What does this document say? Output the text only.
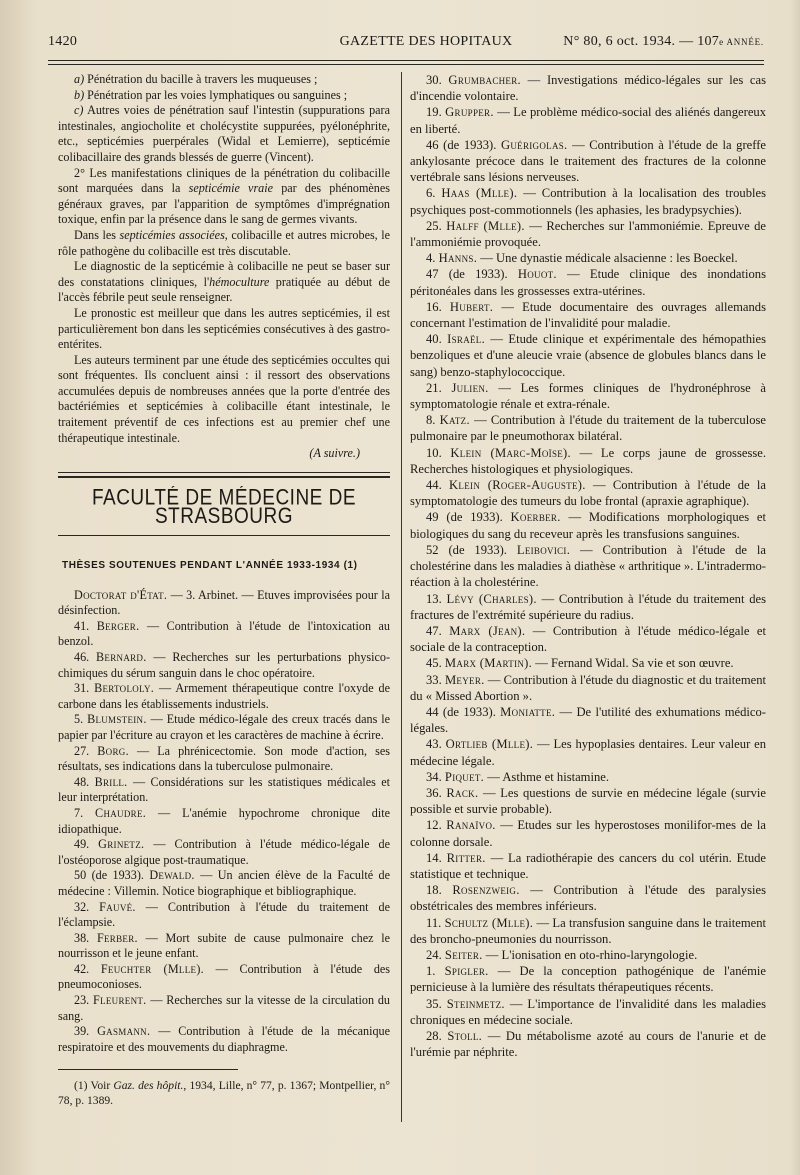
1420	GAZETTE DES HOPITAUX	N° 80, 6 oct. 1934. — 107e ANNÉE.

a) Pénétration du bacille à travers les muqueuses ;

b) Pénétration par les voies lymphatiques ou sanguines ;

c) Autres voies de pénétration sauf l'intestin (suppurations para intestinales, angiocholite et cholécystite suppurées, pyélonéphrite, etc., septicémies puerpérales (Widal et Lemierre), septicémie colibacillaire des grands blessés de guerre (Vincent).

2° Les manifestations cliniques de la pénétration du colibacille sont marquées dans la septicémie vraie par des phénomènes généraux graves, par l'apparition de symptômes d'imprégnation toxique, enfin par la présence dans le sang de germes vivants.

Dans les septicémies associées, colibacille et autres microbes, le rôle pathogène du colibacille est très discutable.

Le diagnostic de la septicémie à colibacille ne peut se baser sur des constatations cliniques, l'hémoculture pratiquée au début de l'accès fébrile peut seule renseigner.

Le pronostic est meilleur que dans les autres septicémies, il est particulièrement bon dans les septicémies consécutives à des gastro-entérites.

Les auteurs terminent par une étude des septicémies occultes qui sont fréquentes. Ils concluent ainsi : il ressort des observations accumulées depuis de nombreuses années que la porte d'entrée des bactériémies et septicémies à colibacille étant intestinale, le traitement préventif de ces infections est au premier chef une thérapeutique intestinale.

(A suivre.)

FACULTÉ DE MÉDECINE DE STRASBOURG
THÈSES SOUTENUES PENDANT L'ANNÉE 1933-1934 (1)

Doctorat d'État. — 3. Arbinet. — Etuves improvisées pour la désinfection.

41. Berger. — Contribution à l'étude de l'intoxication au benzol.

46. Bernard. — Recherches sur les perturbations physico-chimiques du sérum sanguin dans le choc opératoire.

31. Bertololy. — Armement thérapeutique contre l'oxyde de carbone dans les établissements industriels.

5. Blumstein. — Etude médico-légale des creux tracés dans le papier par l'écriture au crayon et les caractères de machine à écrire.

27. Borg. — La phrénicectomie. Son mode d'action, ses résultats, ses indications dans la tuberculose pulmonaire.

48. Brill. — Considérations sur les statistiques médicales et leur interprétation.

7. Chaudre. — L'anémie hypochrome chronique dite idiopathique.

49. Grinetz. — Contribution à l'étude médico-légale de l'ostéoporose algique post-traumatique.

50 (de 1933). Dewald. — Un ancien élève de la Faculté de médecine : Villemin. Notice biographique et bibliographique.

32. Fauvé. — Contribution à l'étude du traitement de l'éclampsie.

38. Ferber. — Mort subite de cause pulmonaire chez le nourrisson et le jeune enfant.

42. Feuchter (Mlle). — Contribution à l'étude des pneumoconioses.

23. Fleurent. — Recherches sur la vitesse de la circulation du sang.

39. Gasmann. — Contribution à l'étude de la mécanique respiratoire et des mouvements du diaphragme.

(1) Voir Gaz. des hôpit., 1934, Lille, n° 77, p. 1367; Montpellier, n° 78, p. 1389.

30. Grumbacher. — Investigations médico-légales sur les cas d'incendie volontaire.

19. Grupper. — Le problème médico-social des aliénés dangereux en liberté.

46 (de 1933). Guérigolas. — Contribution à l'étude de la greffe ankylosante précoce dans le traitement des fractures de la colonne vertébrale sans lésions nerveuses.

6. Haas (Mlle). — Contribution à la localisation des troubles psychiques post-commotionnels (les aphasies, les bradypsychies).

25. Halff (Mlle). — Recherches sur l'ammoniémie. Epreuve de l'ammoniémie provoquée.

4. Hanns. — Une dynastie médicale alsacienne : les Boeckel.

47 (de 1933). Houot. — Etude clinique des inondations péritonéales dans les grossesses extra-utérines.

16. Hubert. — Etude documentaire des ouvrages allemands concernant l'estimation de l'invalidité pour maladie.

40. Israël. — Etude clinique et expérimentale des hémopathies benzoliques et d'une aleucie vraie (absence de globules blancs dans le sang) benzo-staphylococcique.

21. Julien. — Les formes cliniques de l'hydronéphrose à symptomatologie rénale et extra-rénale.

8. Katz. — Contribution à l'étude du traitement de la tuberculose pulmonaire par le pneumothorax bilatéral.

10. Klein (Marc-Moïse). — Le corps jaune de grossesse. Recherches histologiques et physiologiques.

44. Klein (Roger-Auguste). — Contribution à l'étude de la symptomatologie des tumeurs du lobe frontal (apraxie agraphique).

49 (de 1933). Koerber. — Modifications morphologiques et biologiques du sang du receveur après les transfusions sanguines.

52 (de 1933). Leibovici. — Contribution à l'étude de la cholestérine dans les maladies à diathèse « arthritique ». L'intradermo-réaction à la cholestérine.

13. Lévy (Charles). — Contribution à l'étude du traitement des fractures de l'extrémité supérieure du radius.

47. Marx (Jean). — Contribution à l'étude médico-légale et sociale de la contraception.

45. Marx (Martin). — Fernand Widal. Sa vie et son œuvre.

33. Meyer. — Contribution à l'étude du diagnostic et du traitement du « Missed Abortion ».

44 (de 1933). Moniatte. — De l'utilité des exhumations médico-légales.

43. Ortlieb (Mlle). — Les hypoplasies dentaires. Leur valeur en médecine légale.

34. Piquet. — Asthme et histamine.

36. Rack. — Les questions de survie en médecine légale (survie possible et survie probable).

12. Ranaïvo. — Etudes sur les hyperostoses monilifor-mes de la colonne dorsale.

14. Ritter. — La radiothérapie des cancers du col utérin. Etude statistique et technique.

18. Rosenzweig. — Contribution à l'étude des paralysies obstétricales des membres inférieurs.

11. Schultz (Mlle). — La transfusion sanguine dans le traitement des broncho-pneumonies du nourrisson.

24. Seiter. — L'ionisation en oto-rhino-laryngologie.

1. Spigler. — De la conception pathogénique de l'anémie pernicieuse à la lumière des résultats thérapeutiques récents.

35. Steinmetz. — L'importance de l'invalidité dans les maladies chroniques en médecine sociale.

28. Stoll. — Du métabolisme azoté au cours de l'anurie et de l'urémie par néphrite.
